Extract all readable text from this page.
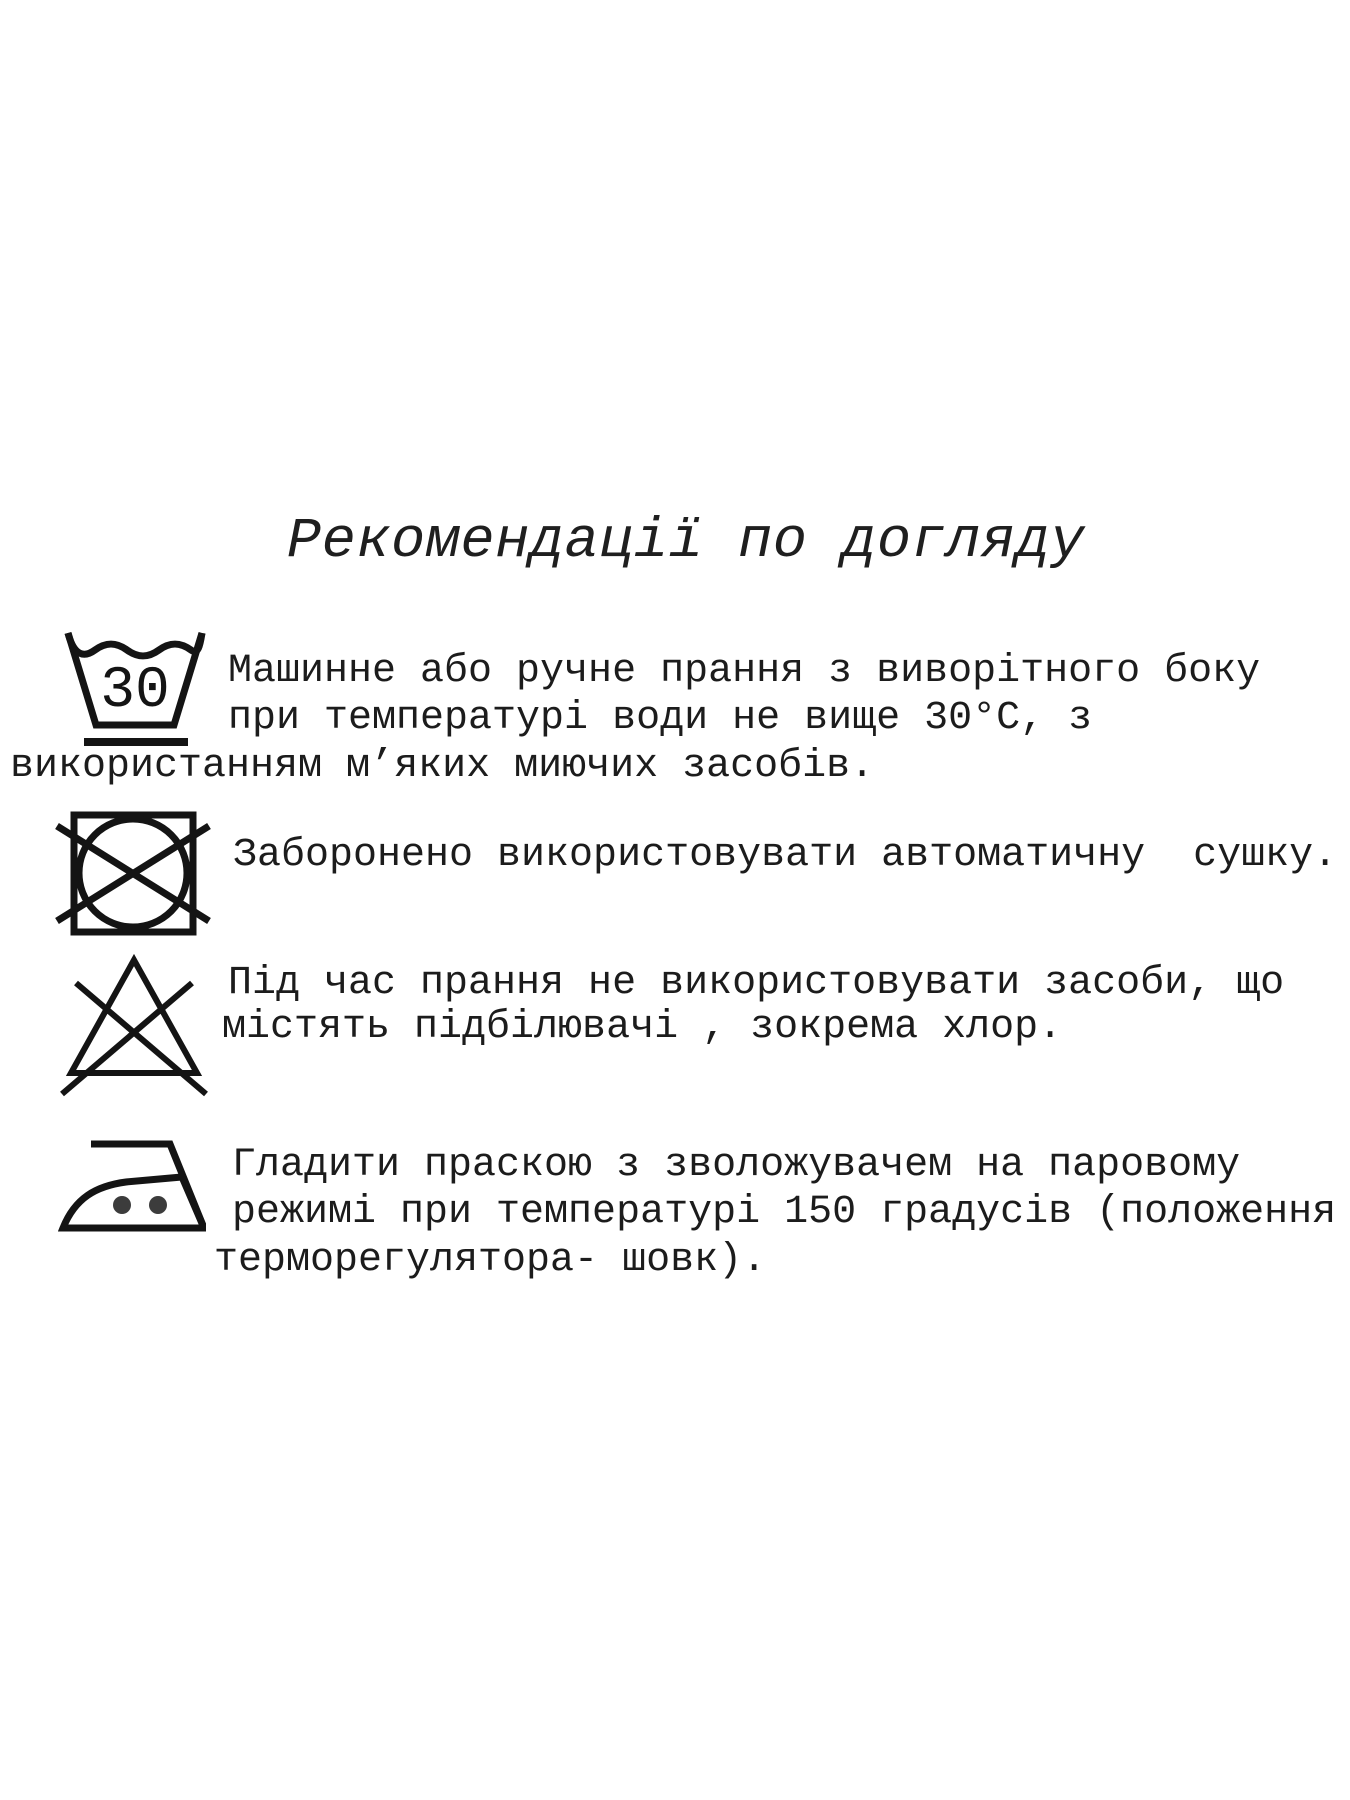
Рекомендації по догляду
30 Машинне або ручне прання з виворітного боку
при температурі води не вище 30°С, з
використанням м’яких миючих засобів.
Заборонено використовувати автоматичну  сушку.
Під час прання не використовувати засоби, що
містять підбілювачі , зокрема хлор.
Гладити праскою з зволожувачем на паровому
режимі при температурі 150 градусів (положення
терморегулятора- шовк).
